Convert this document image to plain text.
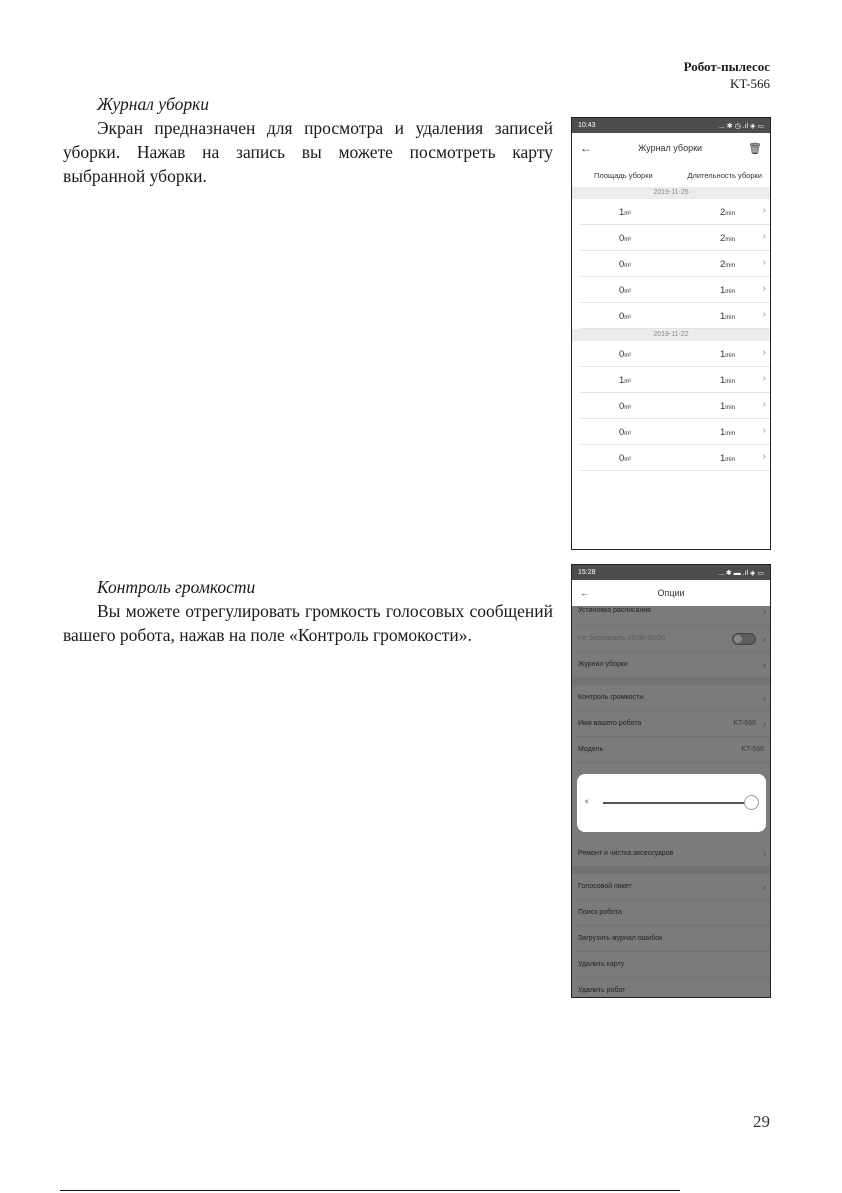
Робот-пылесос
KT-566
Журнал уборки

Экран предназначен для просмотра и удаления записей уборки. Нажав на запись вы можете посмотреть карту выбранной уборки.

Контроль громкости

Вы можете отрегулировать громкость голосовых сообщений вашего робота, нажав на поле «Контроль громокости».

10:43	... ✱ ◷ .ıl ◈ ▭
←	Журнал уборки	🗑︎
Площадь уборки	Длительность уборки
2019-11-25
1m²	2min	›
0m²	2min	›
0m²	2min	›
0m²	1min	›
0m²	1min	›
2019-11-22
0m²	1min	›
1m²	1min	›
0m²	1min	›
0m²	1min	›
0m²	1min	›
15:28	... ✱ ▬ .ıl ◈ ▭
←	Опции
Установка расписания	›
Не беспокоить 00:00-00:00	›
Журнал уборки	›
Контроль громкости	›
Имя вашего робота	KT-566 ›
Модель	KT-566
Ремонт и чистка аксессуаров	›
Голосовой пакет	›
Поиск робота
Загрузить журнал ошибок
Удалить карту
Удалить робот
🔈︎
29
